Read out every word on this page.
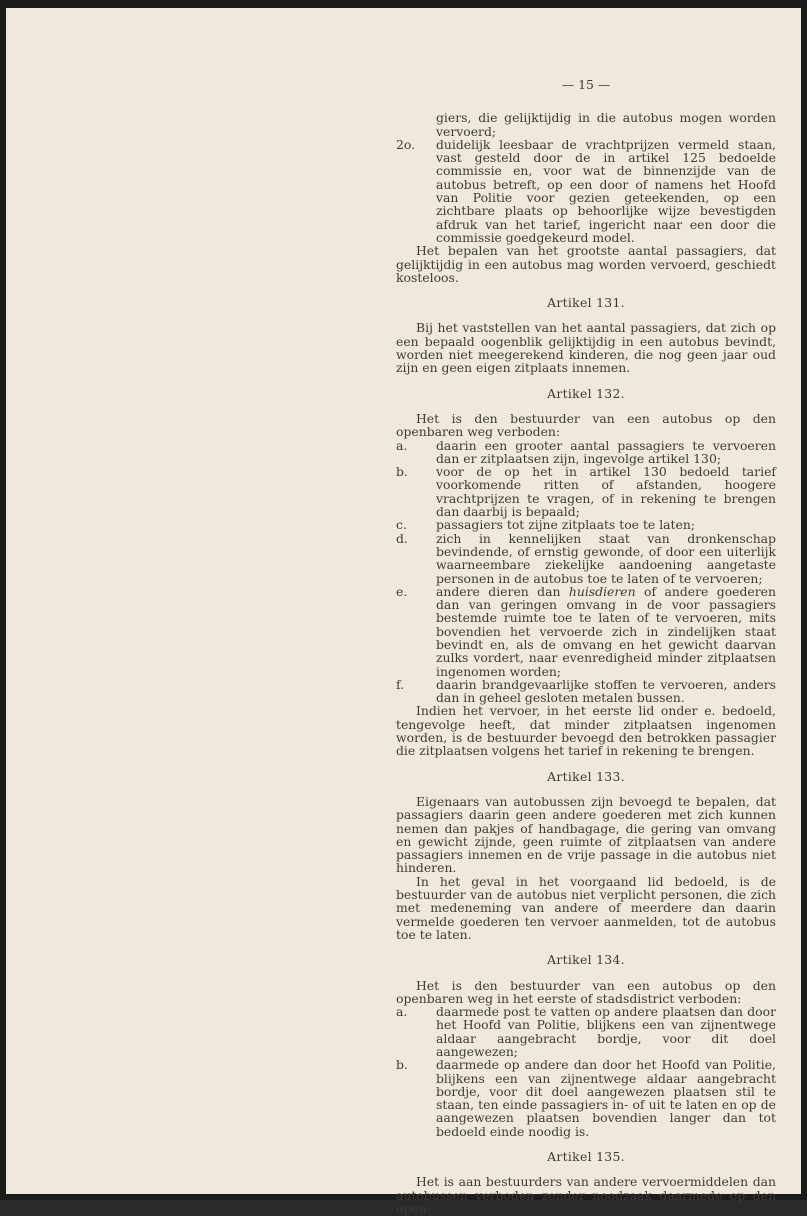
— 15 —

giers, die gelijktijdig in die autobus mogen worden vervoerd;

2o.	duidelijk leesbaar de vrachtprijzen vermeld staan, vast gesteld door de in artikel 125 bedoelde commissie en, voor wat de binnenzijde van de autobus betreft, op een door of namens het Hoofd van Politie voor gezien geteekenden, op een zichtbare plaats op behoorlijke wijze bevestigden afdruk van het tarief, ingericht naar een door die commissie goedgekeurd model.

Het bepalen van het grootste aantal passagiers, dat gelijktijdig in een autobus mag worden vervoerd, geschiedt kosteloos.

Artikel 131.

Bij het vaststellen van het aantal passagiers, dat zich op een bepaald oogenblik gelijktijdig in een autobus bevindt, worden niet meegerekend kinderen, die nog geen jaar oud zijn en geen eigen zitplaats innemen.

Artikel 132.

Het is den bestuurder van een autobus op den openbaren weg verboden:

a.	daarin een grooter aantal passagiers te vervoeren dan er zitplaatsen zijn, ingevolge artikel 130;
b.	voor de op het in artikel 130 bedoeld tarief voorkomende ritten of afstanden, hoogere vrachtprijzen te vragen, of in rekening te brengen dan daarbij is bepaald;
c.	passagiers tot zijne zitplaats toe te laten;
d.	zich in kennelijken staat van dronkenschap bevindende, of ernstig gewonde, of door een uiterlijk waarneembare ziekelijke aandoening aangetaste personen in de autobus toe te laten of te vervoeren;
e.	andere dieren dan huisdieren of andere goederen dan van geringen omvang in de voor passagiers bestemde ruimte toe te laten of te vervoeren, mits bovendien het vervoerde zich in zindelijken staat bevindt en, als de omvang en het gewicht daarvan zulks vordert, naar evenredigheid minder zitplaatsen ingenomen worden;
f.	daarin brandgevaarlijke stoffen te vervoeren, anders dan in geheel gesloten metalen bussen.

Indien het vervoer, in het eerste lid onder e. bedoeld, tengevolge heeft, dat minder zitplaatsen ingenomen worden, is de bestuurder bevoegd den betrokken passagier die zitplaatsen volgens het tarief in rekening te brengen.

Artikel 133.

Eigenaars van autobussen zijn bevoegd te bepalen, dat passagiers daarin geen andere goederen met zich kunnen nemen dan pakjes of handbagage, die gering van omvang en gewicht zijnde, geen ruimte of zitplaatsen van andere passagiers innemen en de vrije passage in die autobus niet hinderen.

In het geval in het voorgaand lid bedoeld, is de bestuurder van de autobus niet verplicht personen, die zich met medeneming van andere of meerdere dan daarin vermelde goederen ten vervoer aanmelden, tot de autobus toe te laten.

Artikel 134.

Het is den bestuurder van een autobus op den openbaren weg in het eerste of stadsdistrict verboden:

a.	daarmede post te vatten op andere plaatsen dan door het Hoofd van Politie, blijkens een van zijnentwege aldaar aangebracht bordje, voor dit doel aangewezen;
b.	daarmede op andere dan door het Hoofd van Politie, blijkens een van zijnentwege aldaar aangebracht bordje, voor dit doel aangewezen plaatsen stil te staan, ten einde passagiers in- of uit te laten en op de aangewezen plaatsen bovendien langer dan tot bedoeld einde noodig is.
Artikel 135.

Het is aan bestuurders van andere vervoermiddelen dan autobussen verboden zonder noodzaak daarmede op den open-
